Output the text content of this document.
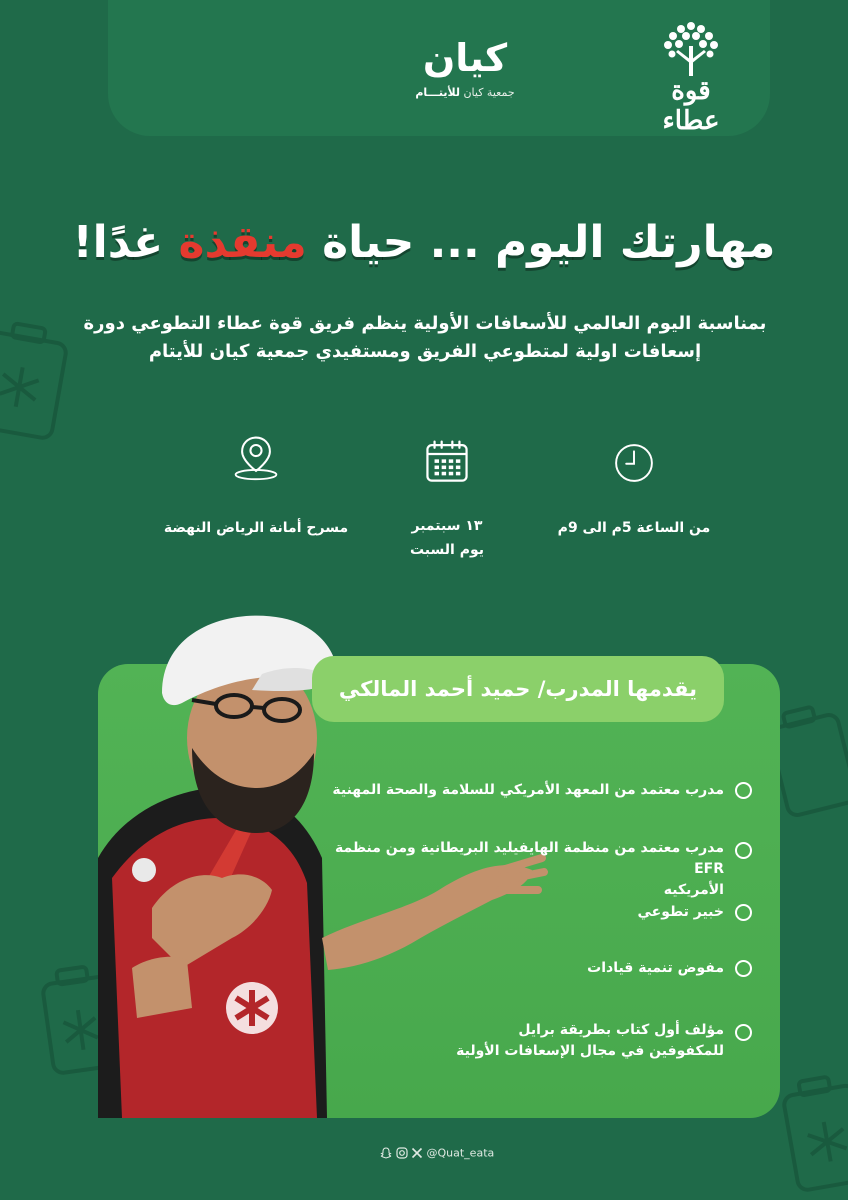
كيان
جمعية كيان للأيتـــام	قوة عطاء
مهارتك اليوم ... حياة منقذة غدًا!
بمناسبة اليوم العالمي للأسعافات الأولية ينظم فريق قوة عطاء التطوعي دورة
إسعافات اولية لمتطوعي الفريق ومستفيدي جمعية كيان للأيتام
من الساعة 5م الى 9م
١٣ سبتمبر
يوم السبت
مسرح أمانة الرياض النهضة
يقدمها المدرب/ حميد أحمد المالكي
مدرب معتمد من المعهد الأمريكي للسلامة والصحة المهنية
مدرب معتمد من منظمة الهايفيليد البريطانية ومن منظمة EFR
الأمريكيه
خبير تطوعي
مفوض تنمية قيادات
مؤلف أول كتاب بطريقة برايل
للمكفوفين في مجال الإسعافات الأولية
@Quat_eata
